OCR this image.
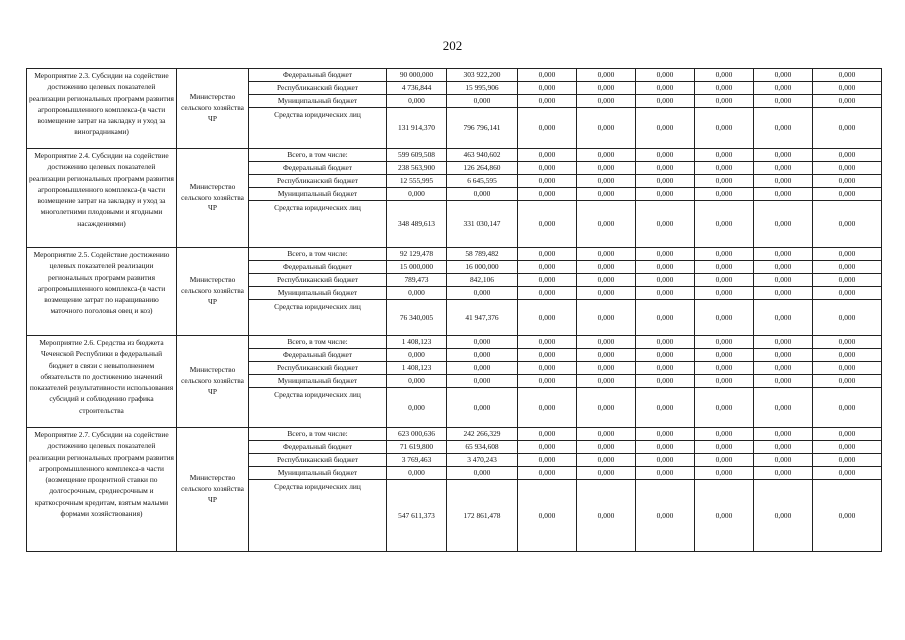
202
Мероприятие 2.3. Субсидии на содействие достижению целевых показателей реализации региональных программ развития агропромышленного комплекса-(в части возмещение затрат на закладку и уход за виноградниками)	Министерство сельского хозяйства ЧР	Федеральный бюджет	90 000,000	303 922,200	0,000	0,000	0,000	0,000	0,000	0,000
		Республиканский бюджет	4 736,844	15 995,906	0,000	0,000	0,000	0,000	0,000	0,000
		Муниципальный бюджет	0,000	0,000	0,000	0,000	0,000	0,000	0,000	0,000
		Средства юридических лиц	131 914,370	796 796,141	0,000	0,000	0,000	0,000	0,000	0,000
Мероприятие 2.4. Субсидии на содействие достижению целевых показателей реализации региональных программ развития агропромышленного комплекса-(в части возмещение затрат на закладку и уход за многолетними плодовыми и ягодными насаждениями)	Министерство сельского хозяйства ЧР	Всего, в том числе:	599 609,508	463 940,602	0,000	0,000	0,000	0,000	0,000	0,000
		Федеральный бюджет	238 563,900	126 264,860	0,000	0,000	0,000	0,000	0,000	0,000
		Республиканский бюджет	12 555,995	6 645,595	0,000	0,000	0,000	0,000	0,000	0,000
		Муниципальный бюджет	0,000	0,000	0,000	0,000	0,000	0,000	0,000	0,000
		Средства юридических лиц	348 489,613	331 030,147	0,000	0,000	0,000	0,000	0,000	0,000
Мероприятие 2.5. Содействие достижению целевых показателей реализации региональных программ развития агропромышленного комплекса-(в части возмещение затрат по наращиванию маточного поголовья овец и коз)	Министерство сельского хозяйства ЧР	Всего, в том числе:	92 129,478	58 789,482	0,000	0,000	0,000	0,000	0,000	0,000
		Федеральный бюджет	15 000,000	16 000,000	0,000	0,000	0,000	0,000	0,000	0,000
		Республиканский бюджет	789,473	842,106	0,000	0,000	0,000	0,000	0,000	0,000
		Муниципальный бюджет	0,000	0,000	0,000	0,000	0,000	0,000	0,000	0,000
		Средства юридических лиц	76 340,005	41 947,376	0,000	0,000	0,000	0,000	0,000	0,000
Мероприятие 2.6. Средства из бюджета Чеченской Республики в федеральный бюджет в связи с невыполнением обязательств по достижению значений показателей результативности использования субсидий и соблюдению графика строительства	Министерство сельского хозяйства ЧР	Всего, в том числе:	1 408,123	0,000	0,000	0,000	0,000	0,000	0,000	0,000
		Федеральный бюджет	0,000	0,000	0,000	0,000	0,000	0,000	0,000	0,000
		Республиканский бюджет	1 408,123	0,000	0,000	0,000	0,000	0,000	0,000	0,000
		Муниципальный бюджет	0,000	0,000	0,000	0,000	0,000	0,000	0,000	0,000
		Средства юридических лиц	0,000	0,000	0,000	0,000	0,000	0,000	0,000	0,000
Мероприятие 2.7. Субсидии на содействие достижению целевых показателей реализации региональных программ развития агропромышленного комплекса-в части (возмещение процентной ставки по долгосрочным, среднесрочным и краткосрочным кредитам, взятым малыми формами хозяйствования)	Министерство сельского хозяйства ЧР	Всего, в том числе:	623 000,636	242 266,329	0,000	0,000	0,000	0,000	0,000	0,000
		Федеральный бюджет	71 619,800	65 934,608	0,000	0,000	0,000	0,000	0,000	0,000
		Республиканский бюджет	3 769,463	3 470,243	0,000	0,000	0,000	0,000	0,000	0,000
		Муниципальный бюджет	0,000	0,000	0,000	0,000	0,000	0,000	0,000	0,000
		Средства юридических лиц	547 611,373	172 861,478	0,000	0,000	0,000	0,000	0,000	0,000
